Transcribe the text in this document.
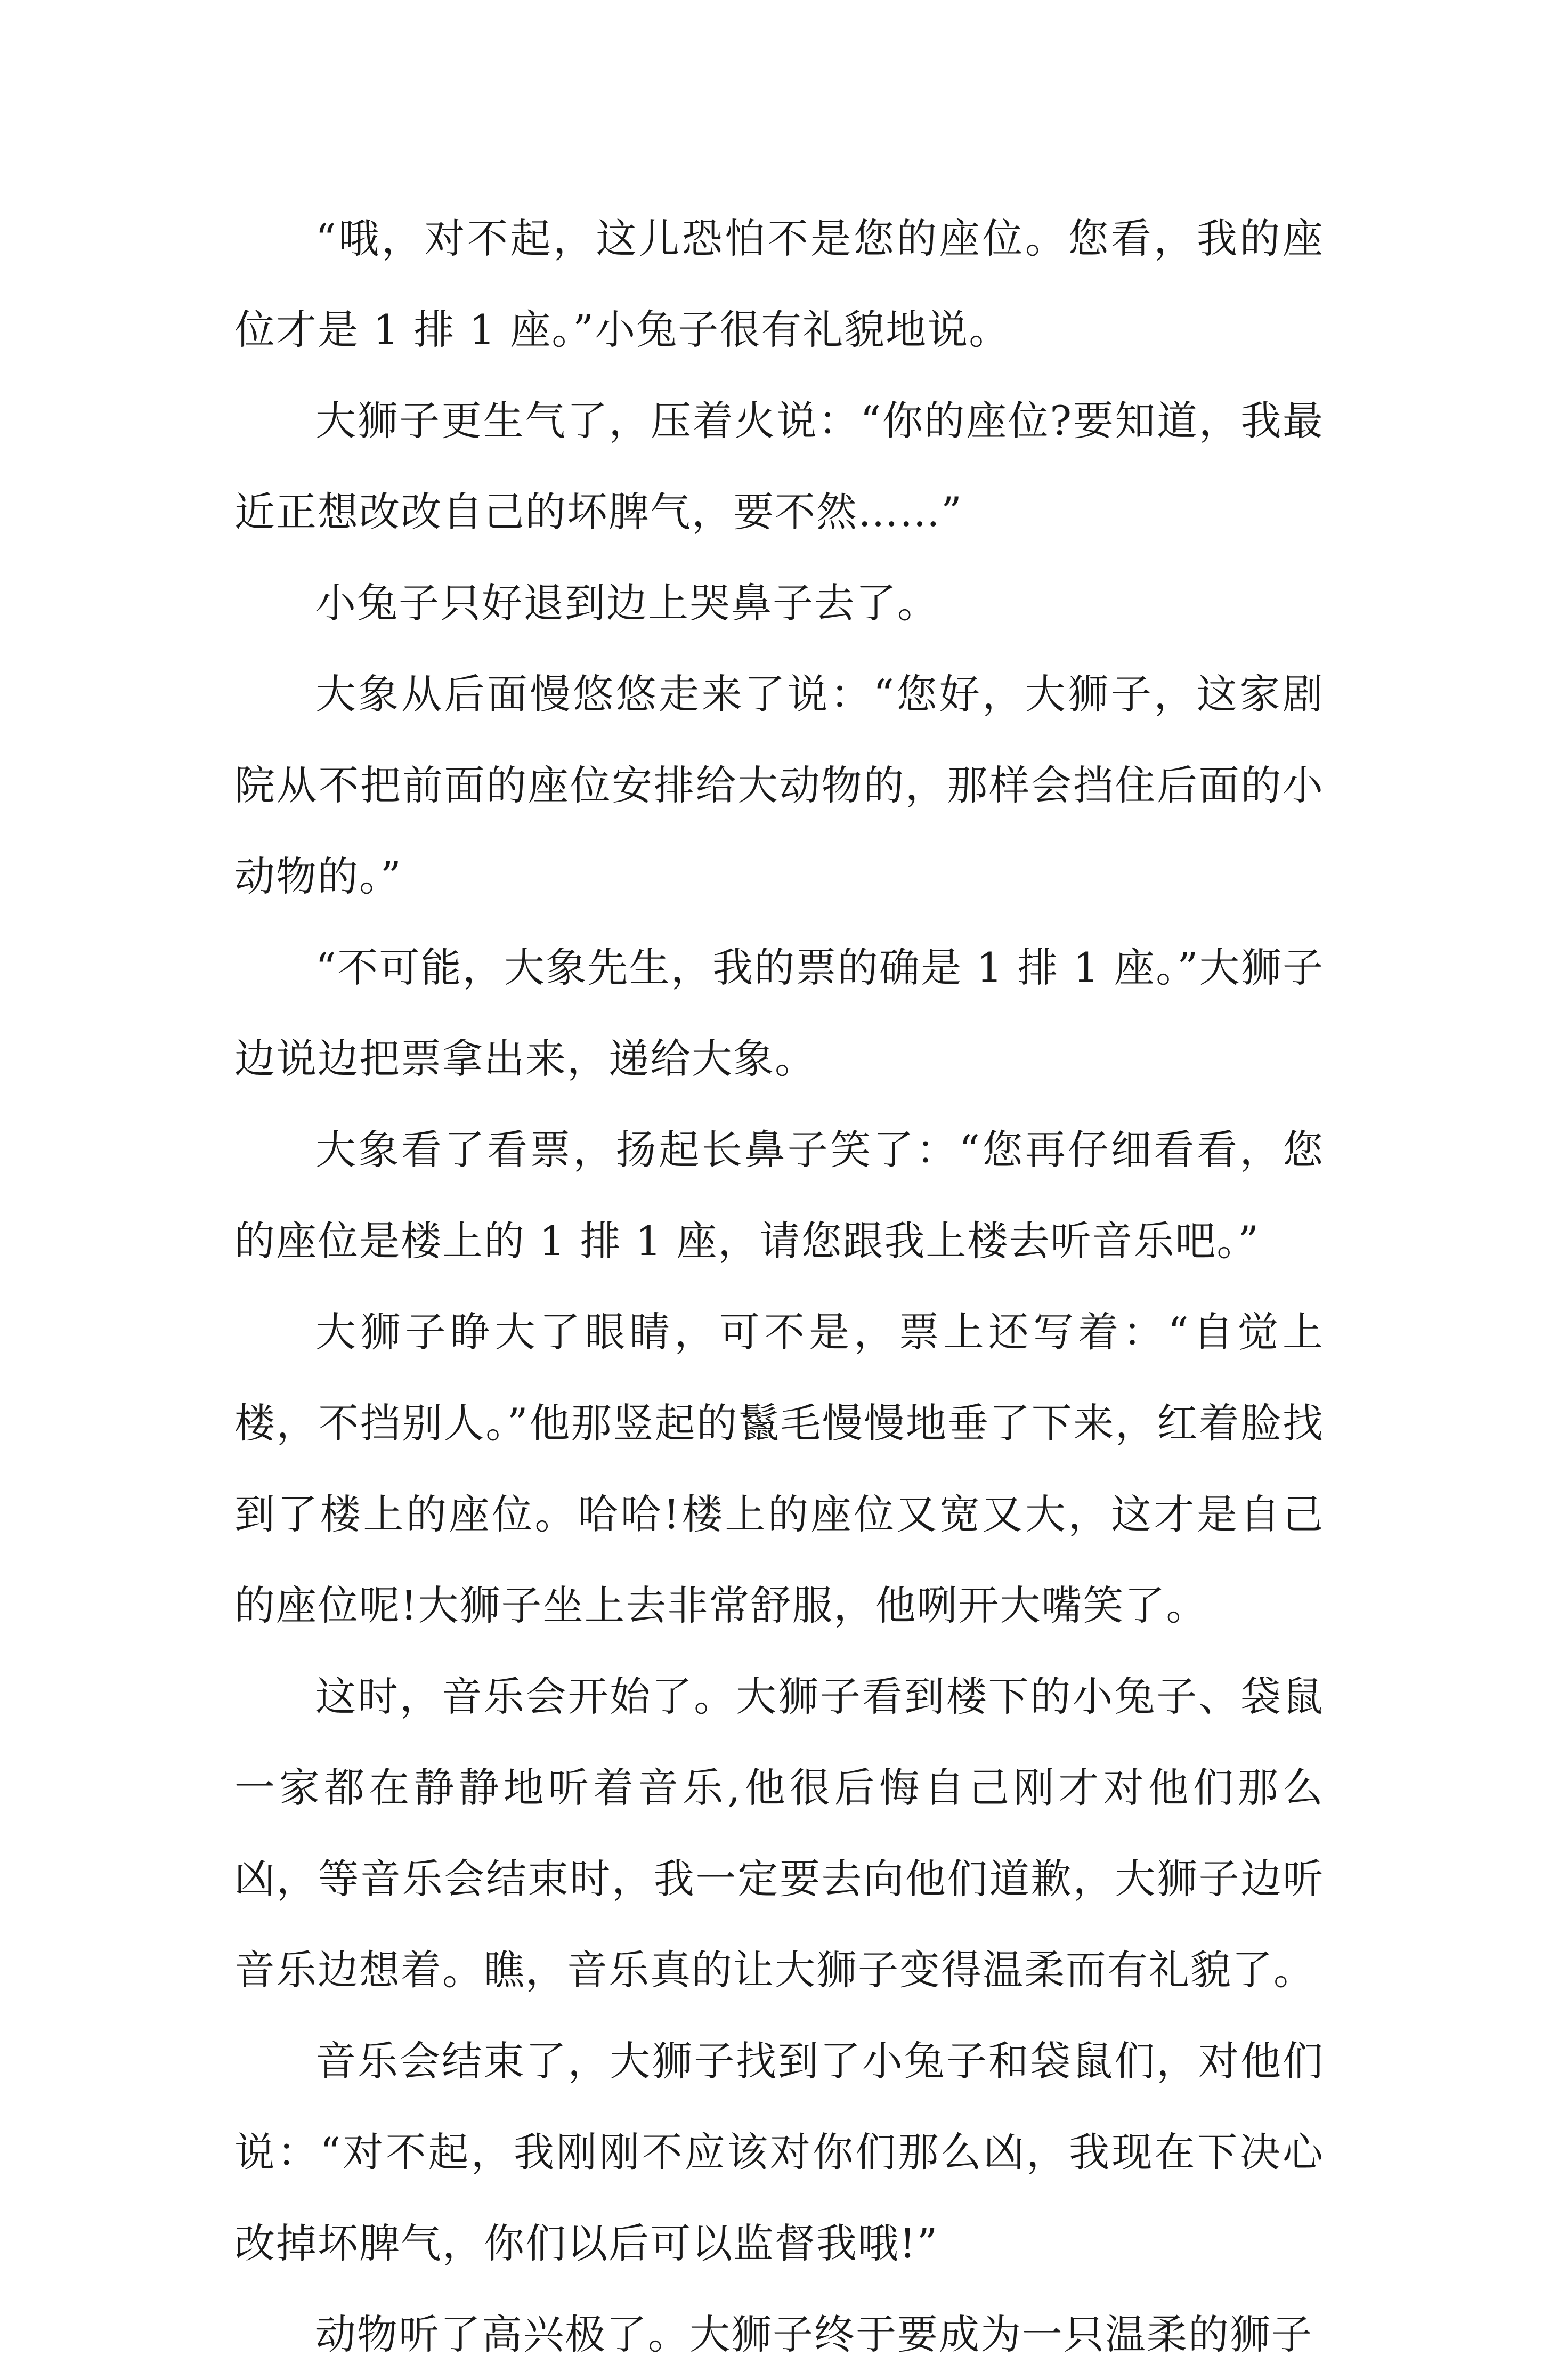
“哦，对不起，这儿恐怕不是您的座位。您看，我的座位才是 1 排 1 座。”小兔子很有礼貌地说。

大狮子更生气了，压着火说：“你的座位?要知道，我最近正想改改自己的坏脾气，要不然……”

小兔子只好退到边上哭鼻子去了。

大象从后面慢悠悠走来了说：“您好，大狮子，这家剧院从不把前面的座位安排给大动物的，那样会挡住后面的小动物的。”

“不可能，大象先生，我的票的确是 1 排 1 座。”大狮子边说边把票拿出来，递给大象。

大象看了看票，扬起长鼻子笑了：“您再仔细看看，您的座位是楼上的 1 排 1 座，请您跟我上楼去听音乐吧。”

大狮子睁大了眼睛，可不是，票上还写着：“自觉上楼，不挡别人。”他那竖起的鬣毛慢慢地垂了下来，红着脸找到了楼上的座位。哈哈!楼上的座位又宽又大，这才是自己的座位呢!大狮子坐上去非常舒服，他咧开大嘴笑了。

这时，音乐会开始了。大狮子看到楼下的小兔子、袋鼠一家都在静静地听着音乐,他很后悔自己刚才对他们那么凶，等音乐会结束时，我一定要去向他们道歉，大狮子边听音乐边想着。瞧，音乐真的让大狮子变得温柔而有礼貌了。

音乐会结束了，大狮子找到了小兔子和袋鼠们，对他们说：“对不起，我刚刚不应该对你们那么凶，我现在下决心改掉坏脾气，你们以后可以监督我哦!”

动物听了高兴极了。大狮子终于要成为一只温柔的狮子
